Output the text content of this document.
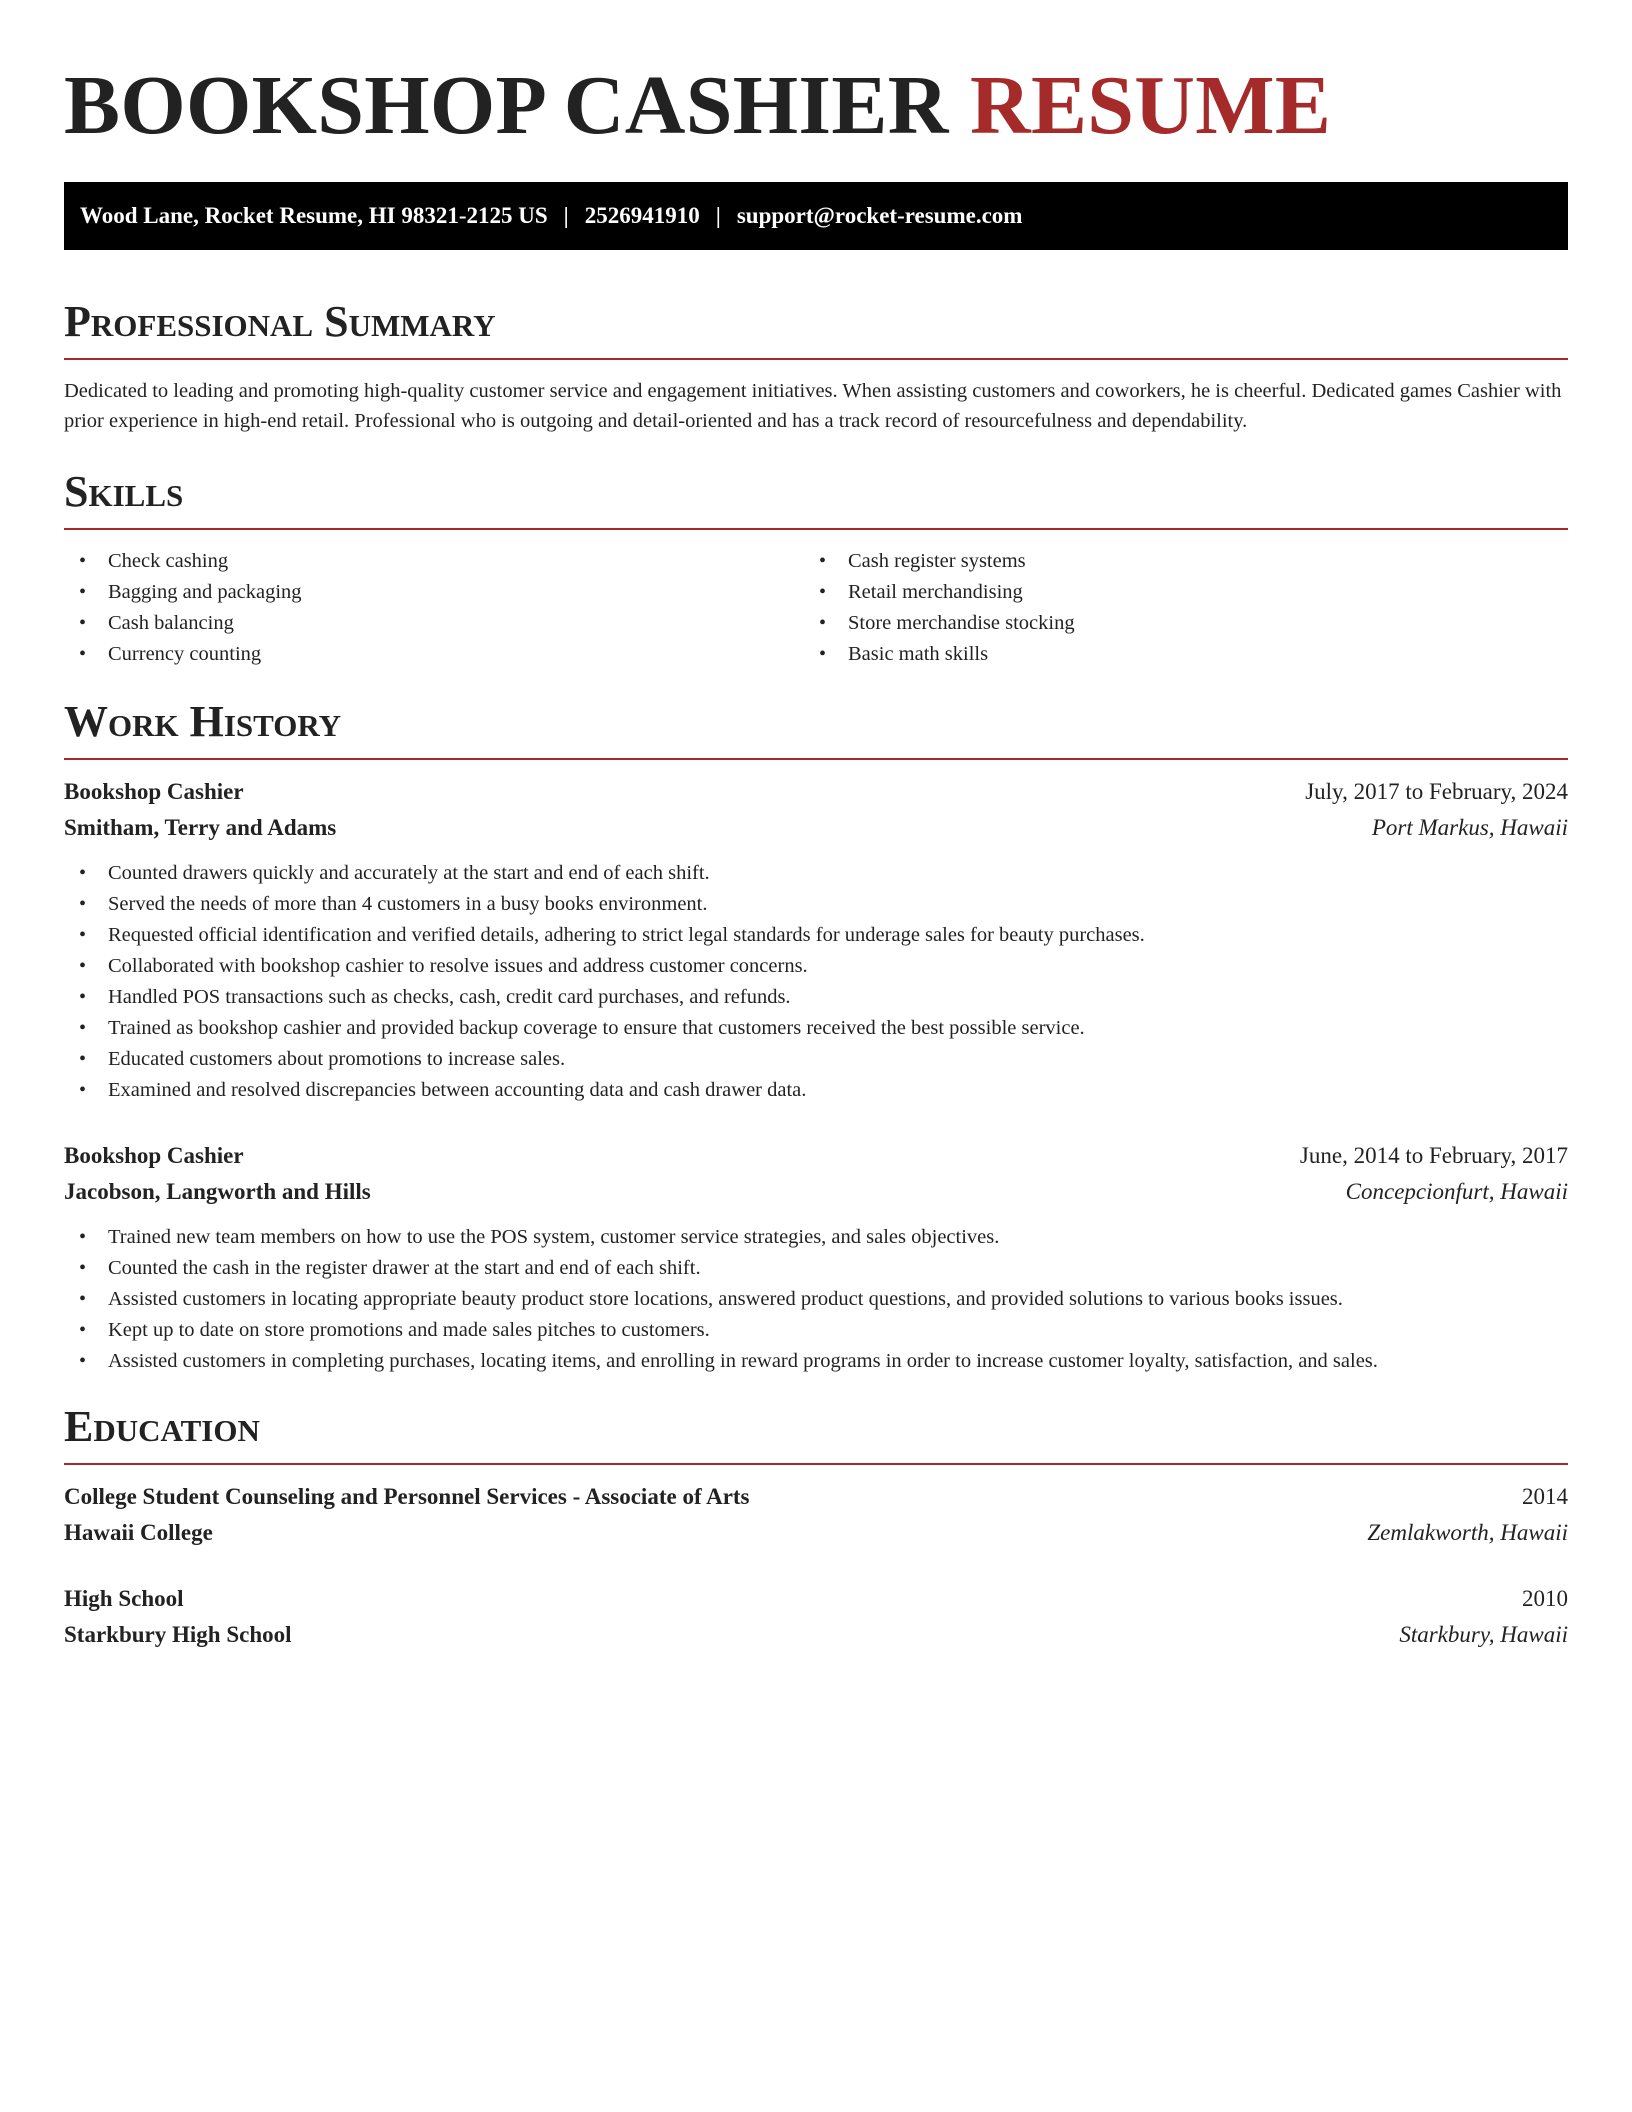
BOOKSHOP CASHIER RESUME
Wood Lane, Rocket Resume, HI 98321-2125 US | 2526941910 | support@rocket-resume.com
Professional Summary

Dedicated to leading and promoting high-quality customer service and engagement initiatives. When assisting customers and coworkers, he is cheerful. Dedicated games Cashier with prior experience in high-end retail. Professional who is outgoing and detail-oriented and has a track record of resourcefulness and dependability.

Skills
• Check cashing
• Bagging and packaging
• Cash balancing
• Currency counting
• Cash register systems
• Retail merchandising
• Store merchandise stocking
• Basic math skills
Work History
Bookshop Cashier	July, 2017 to February, 2024
Smitham, Terry and Adams	Port Markus, Hawaii
• Counted drawers quickly and accurately at the start and end of each shift.
• Served the needs of more than 4 customers in a busy books environment.
• Requested official identification and verified details, adhering to strict legal standards for underage sales for beauty purchases.
• Collaborated with bookshop cashier to resolve issues and address customer concerns.
• Handled POS transactions such as checks, cash, credit card purchases, and refunds.
• Trained as bookshop cashier and provided backup coverage to ensure that customers received the best possible service.
• Educated customers about promotions to increase sales.
• Examined and resolved discrepancies between accounting data and cash drawer data.
Bookshop Cashier	June, 2014 to February, 2017
Jacobson, Langworth and Hills	Concepcionfurt, Hawaii
• Trained new team members on how to use the POS system, customer service strategies, and sales objectives.
• Counted the cash in the register drawer at the start and end of each shift.
• Assisted customers in locating appropriate beauty product store locations, answered product questions, and provided solutions to various books issues.
• Kept up to date on store promotions and made sales pitches to customers.
• Assisted customers in completing purchases, locating items, and enrolling in reward programs in order to increase customer loyalty, satisfaction, and sales.
Education
College Student Counseling and Personnel Services - Associate of Arts	2014
Hawaii College	Zemlakworth, Hawaii
High School	2010
Starkbury High School	Starkbury, Hawaii
